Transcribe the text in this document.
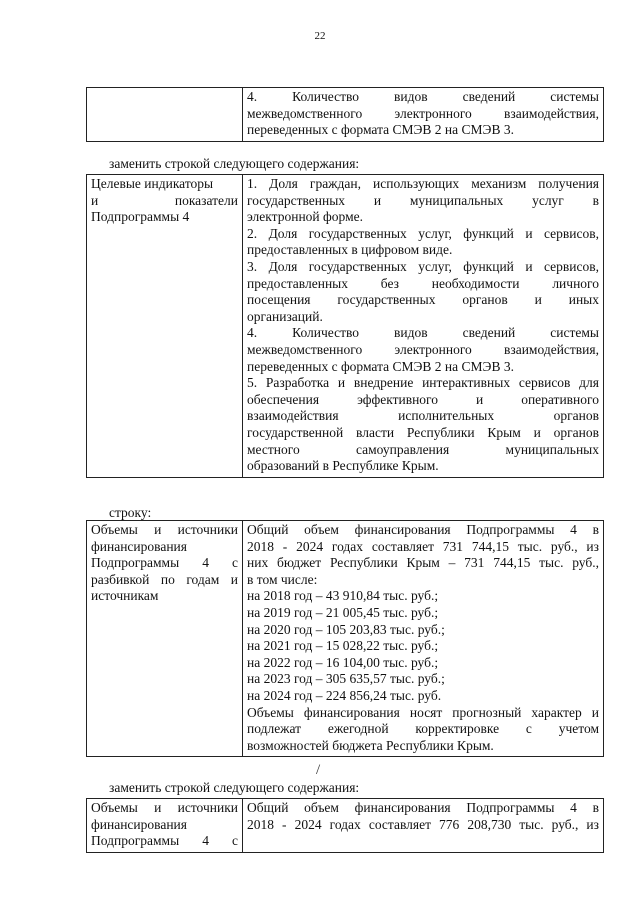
22

4. Количество видов сведений системы
межведомственного электронного взаимодействия,
переведенных с формата СМЭВ 2 на СМЭВ 3.
заменить строкой следующего содержания:
Целевые индикаторы
и показатели
Подпрограммы 4

1. Доля граждан, использующих механизм получения
государственных и муниципальных услуг в
электронной форме.
2. Доля государственных услуг, функций и сервисов,
предоставленных в цифровом виде.
3. Доля государственных услуг, функций и сервисов,
предоставленных без необходимости личного
посещения государственных органов и иных
организаций.
4. Количество видов сведений системы
межведомственного электронного взаимодействия,
переведенных с формата СМЭВ 2 на СМЭВ 3.
5. Разработка и внедрение интерактивных сервисов для
обеспечения эффективного и оперативного
взаимодействия исполнительных органов
государственной власти Республики Крым и органов
местного самоуправления муниципальных
образований в Республике Крым.
строку:
Объемы и источники
финансирования
Подпрограммы 4 с
разбивкой по годам и
источникам

Общий объем финансирования Подпрограммы 4 в
2018 - 2024 годах составляет 731 744,15 тыс. руб., из
них бюджет Республики Крым – 731 744,15 тыс. руб.,
в том числе:
на 2018 год – 43 910,84 тыс. руб.;
на 2019 год – 21 005,45 тыс. руб.;
на 2020 год – 105 203,83 тыс. руб.;
на 2021 год – 15 028,22 тыс. руб.;
на 2022 год – 16 104,00 тыс. руб.;
на 2023 год – 305 635,57 тыс. руб.;
на 2024 год – 224 856,24 тыс. руб.
Объемы финансирования носят прогнозный характер и
подлежат ежегодной корректировке с учетом
возможностей бюджета Республики Крым.
/
заменить строкой следующего содержания:
Объемы и источники
финансирования
Подпрограммы 4 с

Общий объем финансирования Подпрограммы 4 в
2018 - 2024 годах составляет 776 208,730 тыс. руб., из
